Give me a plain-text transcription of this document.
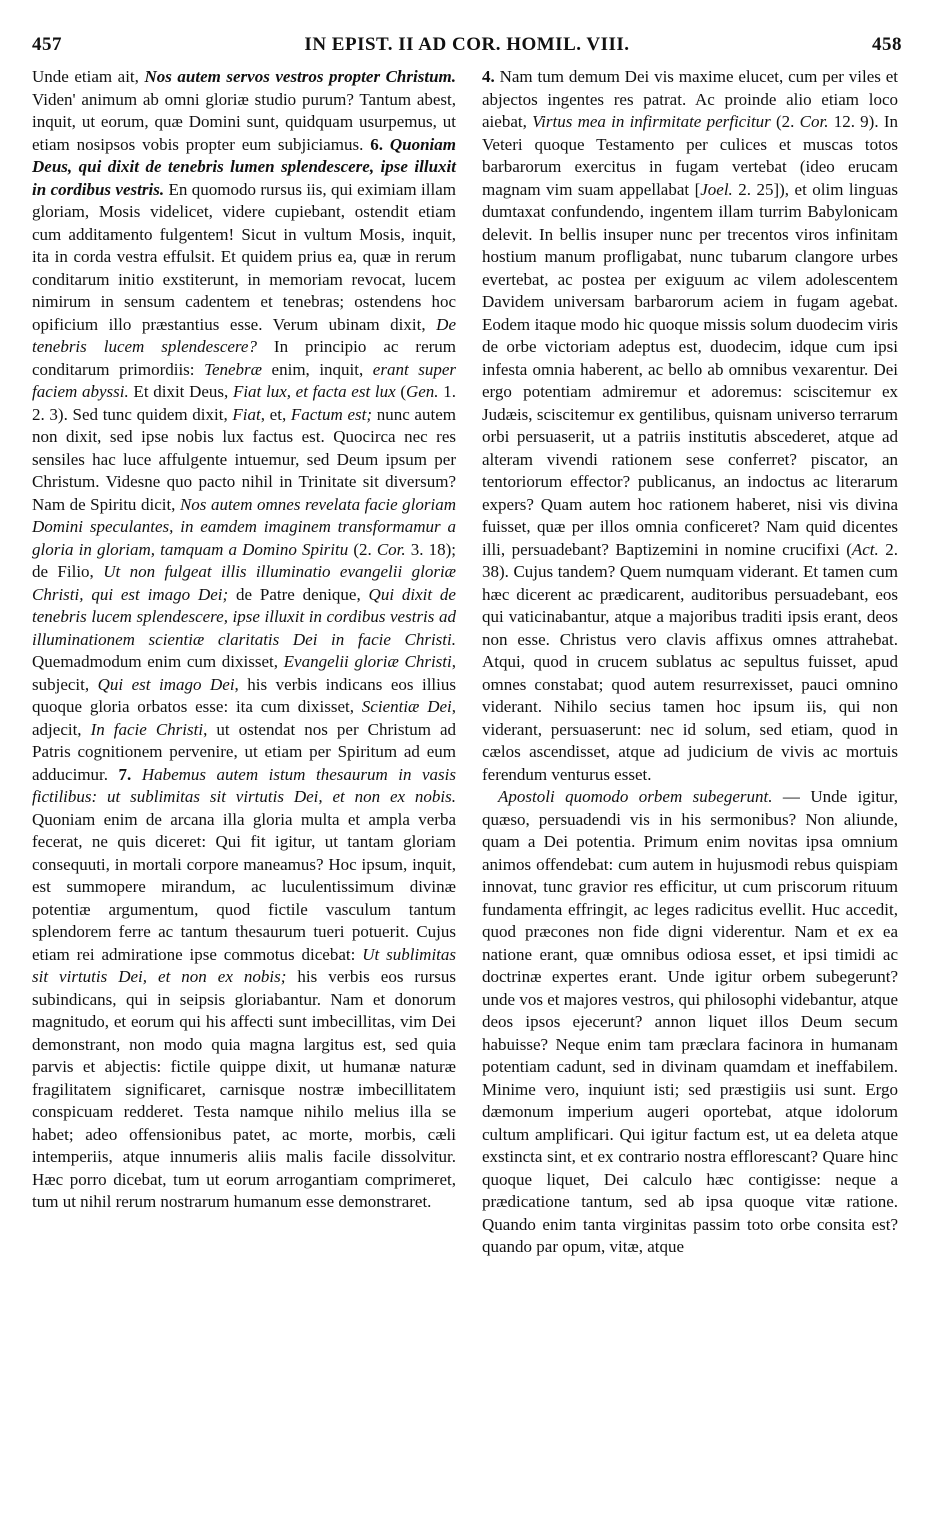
457	IN EPIST. II AD COR. HOMIL. VIII.	458

Unde etiam ait, Nos autem servos vestros propter Christum. Viden' animum ab omni gloriæ studio purum? Tantum abest, inquit, ut eorum, quæ Domini sunt, quidquam usurpemus, ut etiam nosipsos vobis propter eum subjiciamus. 6. Quoniam Deus, qui dixit de tenebris lumen splendescere, ipse illuxit in cordibus vestris. En quomodo rursus iis, qui eximiam illam gloriam, Mosis videlicet, videre cupiebant, ostendit etiam cum additamento fulgentem! Sicut in vultum Mosis, inquit, ita in corda vestra effulsit. Et quidem prius ea, quæ in rerum conditarum initio exstiterunt, in memoriam revocat, lucem nimirum in sensum cadentem et tenebras; ostendens hoc opificium illo præstantius esse. Verum ubinam dixit, De tenebris lucem splendescere? In principio ac rerum conditarum primordiis: Tenebræ enim, inquit, erant super faciem abyssi. Et dixit Deus, Fiat lux, et facta est lux (Gen. 1. 2. 3). Sed tunc quidem dixit, Fiat, et, Factum est; nunc autem non dixit, sed ipse nobis lux factus est. Quocirca nec res sensiles hac luce affulgente intuemur, sed Deum ipsum per Christum. Videsne quo pacto nihil in Trinitate sit diversum? Nam de Spiritu dicit, Nos autem omnes revelata facie gloriam Domini speculantes, in eamdem imaginem transformamur a gloria in gloriam, tamquam a Domino Spiritu (2. Cor. 3. 18); de Filio, Ut non fulgeat illis illuminatio evangelii gloriæ Christi, qui est imago Dei; de Patre denique, Qui dixit de tenebris lucem splendescere, ipse illuxit in cordibus vestris ad illuminationem scientiæ claritatis Dei in facie Christi. Quemadmodum enim cum dixisset, Evangelii gloriæ Christi, subjecit, Qui est imago Dei, his verbis indicans eos illius quoque gloria orbatos esse: ita cum dixisset, Scientiæ Dei, adjecit, In facie Christi, ut ostendat nos per Christum ad Patris cognitionem pervenire, ut etiam per Spiritum ad eum adducimur. 7. Habemus autem istum thesaurum in vasis fictilibus: ut sublimitas sit virtutis Dei, et non ex nobis. Quoniam enim de arcana illa gloria multa et ampla verba fecerat, ne quis diceret: Qui fit igitur, ut tantam gloriam consequuti, in mortali corpore maneamus? Hoc ipsum, inquit, est summopere mirandum, ac luculentissimum divinæ potentiæ argumentum, quod fictile vasculum tantum splendorem ferre ac tantum thesaurum tueri potuerit. Cujus etiam rei admiratione ipse commotus dicebat: Ut sublimitas sit virtutis Dei, et non ex nobis; his verbis eos rursus subindicans, qui in seipsis gloriabantur. Nam et donorum magnitudo, et eorum qui his affecti sunt imbecillitas, vim Dei demonstrant, non modo quia magna largitus est, sed quia parvis et abjectis: fictile quippe dixit, ut humanæ naturæ fragilitatem significaret, carnisque nostræ imbecillitatem conspicuam redderet. Testa namque nihilo melius illa se habet; adeo offensionibus patet, ac morte, morbis, cæli intemperiis, atque innumeris aliis malis facile dissolvitur. Hæc porro dicebat, tum ut eorum arrogantiam comprimeret, tum ut nihil rerum nostrarum humanum esse demonstraret.

4. Nam tum demum Dei vis maxime elucet, cum per viles et abjectos ingentes res patrat. Ac proinde alio etiam loco aiebat, Virtus mea in infirmitate perficitur (2. Cor. 12. 9). In Veteri quoque Testamento per culices et muscas totos barbarorum exercitus in fugam vertebat (ideo erucam magnam vim suam appellabat [Joel. 2. 25]), et olim linguas dumtaxat confundendo, ingentem illam turrim Babylonicam delevit. In bellis insuper nunc per trecentos viros infinitam hostium manum profligabat, nunc tubarum clangore urbes evertebat, ac postea per exiguum ac vilem adolescentem Davidem universam barbarorum aciem in fugam agebat. Eodem itaque modo hic quoque missis solum duodecim viris de orbe victoriam adeptus est, duodecim, idque cum ipsi infesta omnia haberent, ac bello ab omnibus vexarentur. Dei ergo potentiam admiremur et adoremus: sciscitemur ex Judæis, sciscitemur ex gentilibus, quisnam universo terrarum orbi persuaserit, ut a patriis institutis abscederet, atque ad alteram vivendi rationem sese conferret? piscator, an tentoriorum effector? publicanus, an indoctus ac literarum expers? Quam autem hoc rationem haberet, nisi vis divina fuisset, quæ per illos omnia conficeret? Nam quid dicentes illi, persuadebant? Baptizemini in nomine crucifixi (Act. 2. 38). Cujus tandem? Quem numquam viderant. Et tamen cum hæc dicerent ac prædicarent, auditoribus persuadebant, eos qui vaticinabantur, atque a majoribus traditi ipsis erant, deos non esse. Christus vero clavis affixus omnes attrahebat. Atqui, quod in crucem sublatus ac sepultus fuisset, apud omnes constabat; quod autem resurrexisset, pauci omnino viderant. Nihilo secius tamen hoc ipsum iis, qui non viderant, persuaserunt: nec id solum, sed etiam, quod in cælos ascendisset, atque ad judicium de vivis ac mortuis ferendum venturus esset.

Apostoli quomodo orbem subegerunt. — Unde igitur, quæso, persuadendi vis in his sermonibus? Non aliunde, quam a Dei potentia. Primum enim novitas ipsa omnium animos offendebat: cum autem in hujusmodi rebus quispiam innovat, tunc gravior res efficitur, ut cum priscorum rituum fundamenta effringit, ac leges radicitus evellit. Huc accedit, quod præcones non fide digni viderentur. Nam et ex ea natione erant, quæ omnibus odiosa esset, et ipsi timidi ac doctrinæ expertes erant. Unde igitur orbem subegerunt? unde vos et majores vestros, qui philosophi videbantur, atque deos ipsos ejecerunt? annon liquet illos Deum secum habuisse? Neque enim tam præclara facinora in humanam potentiam cadunt, sed in divinam quamdam et ineffabilem. Minime vero, inquiunt isti; sed præstigiis usi sunt. Ergo dæmonum imperium augeri oportebat, atque idolorum cultum amplificari. Qui igitur factum est, ut ea deleta atque exstincta sint, et ex contrario nostra efflorescant? Quare hinc quoque liquet, Dei calculo hæc contigisse: neque a prædicatione tantum, sed ab ipsa quoque vitæ ratione. Quando enim tanta virginitas passim toto orbe consita est? quando par opum, vitæ, atque
